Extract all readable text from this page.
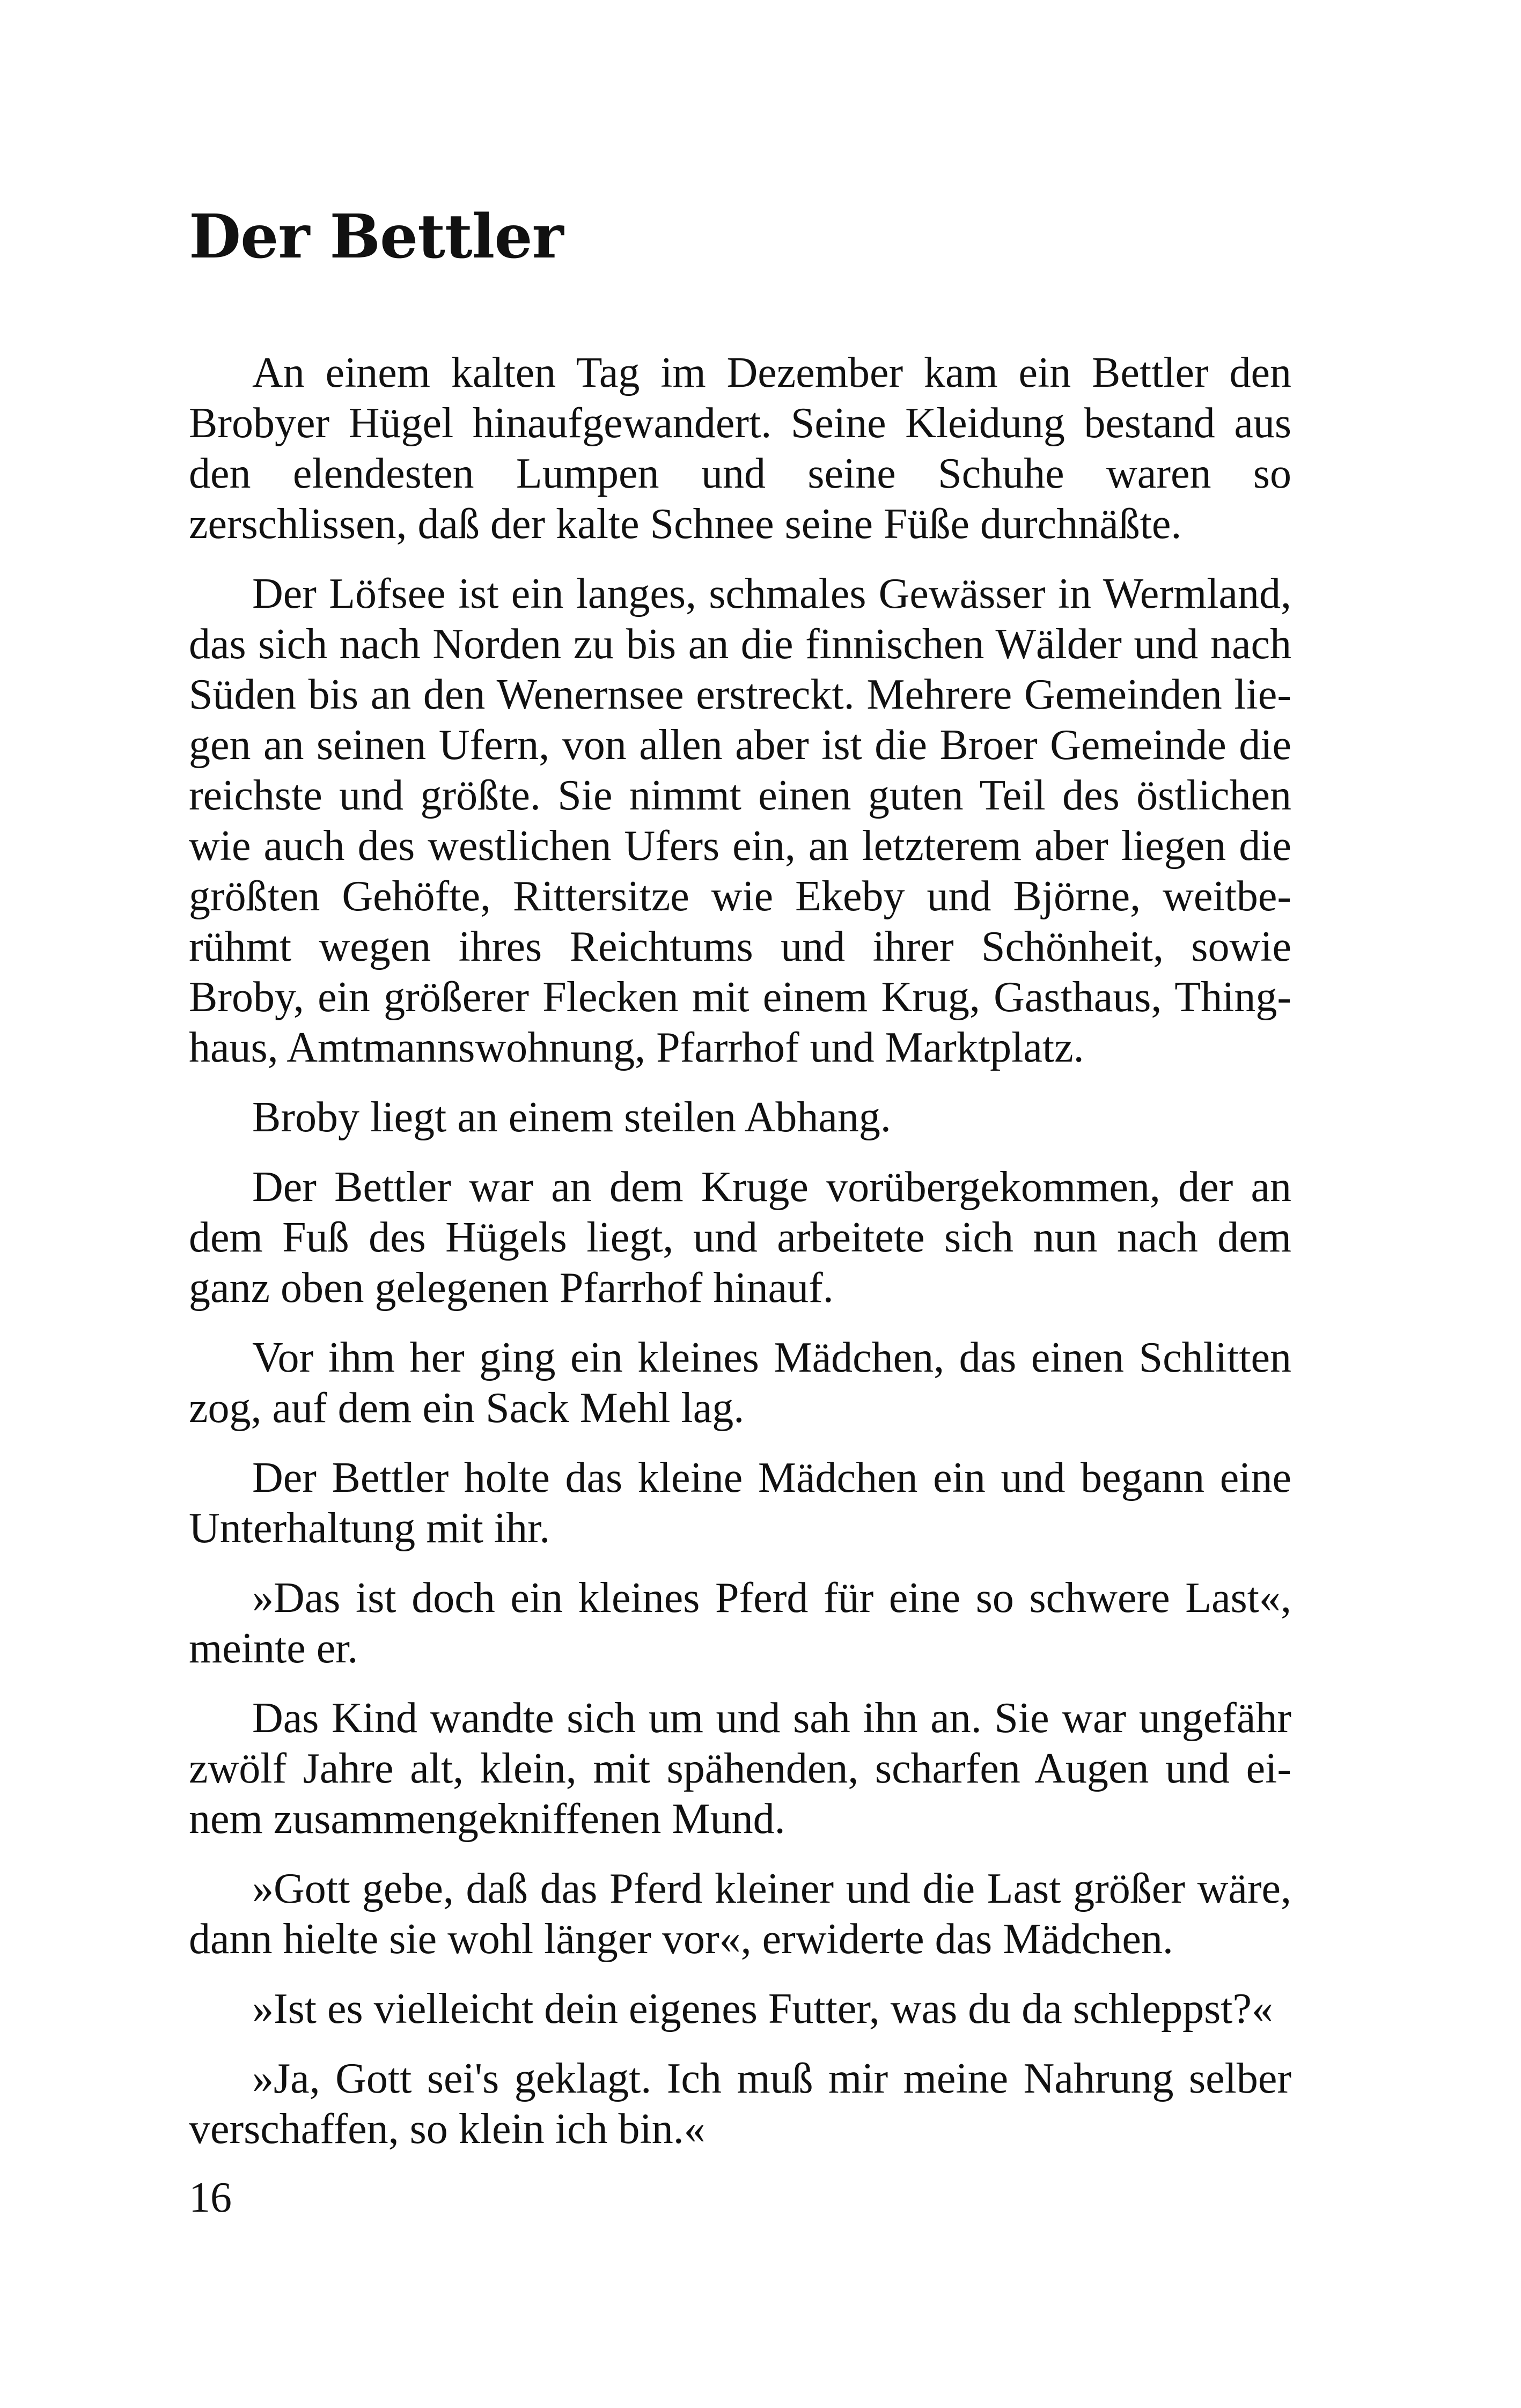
Der Bettler

An einem kalten Tag im Dezember kam ein Bettler den Brobyer Hügel hinaufgewandert. Seine Kleidung bestand aus den elendesten Lumpen und seine Schuhe waren so zerschlissen, daß der kalte Schnee seine Füße durchnäßte.

Der Löfsee ist ein langes, schmales Gewässer in Wermland, das sich nach Norden zu bis an die finnischen Wälder und nach Süden bis an den Wenernsee erstreckt. Mehrere Gemeinden liegen an seinen Ufern, von allen aber ist die Broer Gemeinde die reichste und größte. Sie nimmt einen guten Teil des östlichen wie auch des westlichen Ufers ein, an letzterem aber liegen die größten Gehöfte, Rittersitze wie Ekeby und Björne, weitberühmt wegen ihres Reichtums und ihrer Schönheit, sowie Broby, ein größerer Flecken mit einem Krug, Gasthaus, Thinghaus, Amtmannswohnung, Pfarrhof und Marktplatz.

Broby liegt an einem steilen Abhang.

Der Bettler war an dem Kruge vorübergekommen, der an dem Fuß des Hügels liegt, und arbeitete sich nun nach dem ganz oben gelegenen Pfarrhof hinauf.

Vor ihm her ging ein kleines Mädchen, das einen Schlitten zog, auf dem ein Sack Mehl lag.

Der Bettler holte das kleine Mädchen ein und begann eine Unterhaltung mit ihr.

»Das ist doch ein kleines Pferd für eine so schwere Last«, meinte er.

Das Kind wandte sich um und sah ihn an. Sie war ungefähr zwölf Jahre alt, klein, mit spähenden, scharfen Augen und einem zusammengekniffenen Mund.

»Gott gebe, daß das Pferd kleiner und die Last größer wäre, dann hielte sie wohl länger vor«, erwiderte das Mädchen.

»Ist es vielleicht dein eigenes Futter, was du da schleppst?«

»Ja, Gott sei's geklagt. Ich muß mir meine Nahrung selber verschaffen, so klein ich bin.«

16
